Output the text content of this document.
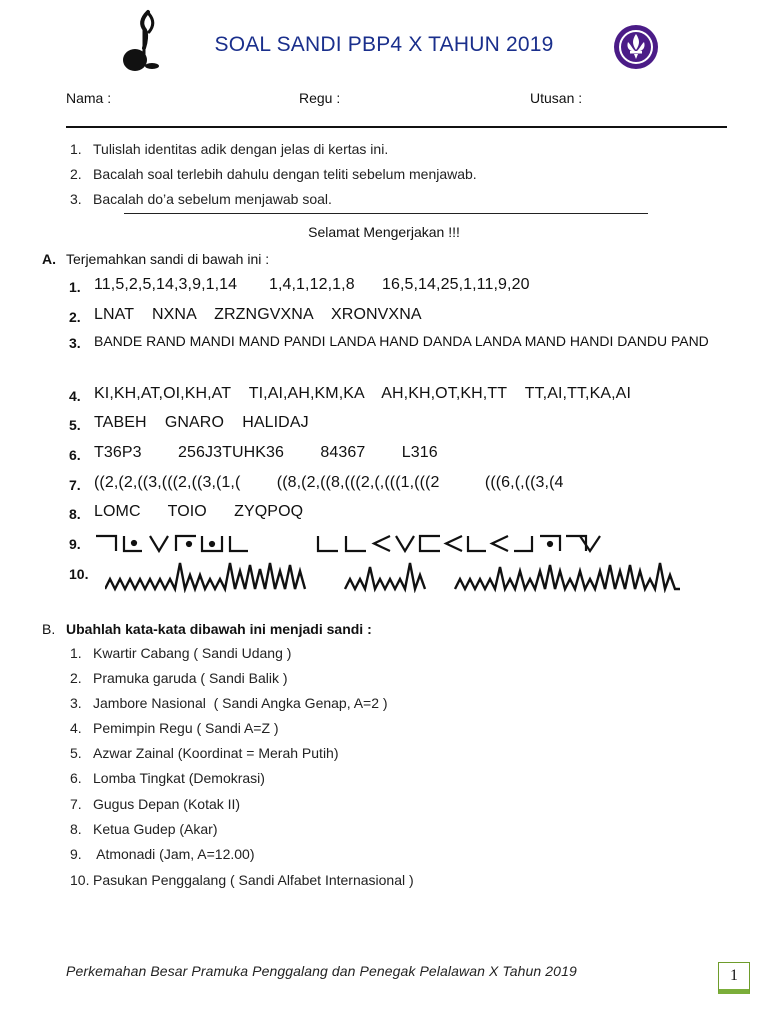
SOAL SANDI PBP4 X TAHUN 2019
Nama :	Regu :	Utusan :
1. Tulislah identitas adik dengan jelas di kertas ini.
2. Bacalah soal terlebih dahulu dengan teliti sebelum menjawab.
3. Bacalah do’a sebelum menjawab soal.
Selamat Mengerjakan !!!
A. Terjemahkan sandi di bawah ini :
1. 11,5,2,5,14,3,9,1,14       1,4,1,12,1,8      16,5,14,25,1,11,9,20
2. LNAT    NXNA    ZRZNGVXNA    XRONVXNA
3. BANDE RAND MANDI MAND PANDI LANDA HAND DANDA LANDA MAND HANDI DANDU PAND
4. KI,KH,AT,OI,KH,AT    TI,AI,AH,KM,KA    AH,KH,OT,KH,TT    TT,AI,TT,KA,AI
5. TABEH    GNARO    HALIDAJ
6. T36P3        256J3TUHK36        84367        L316
7. ((2,(2,((3,(((2,((3,(1,(        ((8,(2,((8,(((2,(,(((1,(((2          (((6,(,((3,(4
8. LOMC      TOIO      ZYQPOQ
9.
10.
B. Ubahlah kata-kata dibawah ini menjadi sandi :
1. Kwartir Cabang ( Sandi Udang )
2. Pramuka garuda ( Sandi Balik )
3. Jambore Nasional  ( Sandi Angka Genap, A=2 )
4. Pemimpin Regu ( Sandi A=Z )
5. Azwar Zainal (Koordinat = Merah Putih)
6. Lomba Tingkat (Demokrasi)
7. Gugus Depan (Kotak II)
8. Ketua Gudep (Akar)
9. Atmonadi (Jam, A=12.00)
10. Pasukan Penggalang ( Sandi Alfabet Internasional )
Perkemahan Besar Pramuka Penggalang dan Penegak Pelalawan X Tahun 2019	1
